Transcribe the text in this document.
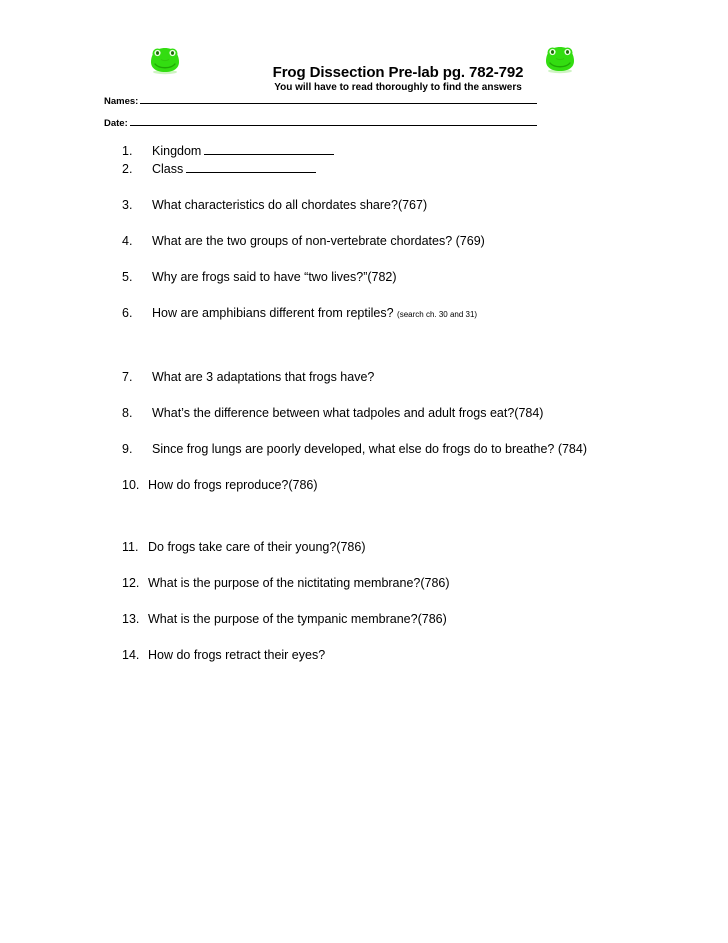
Frog Dissection Pre-lab pg. 782-792
You will have to read thoroughly to find the answers
Names:
Date:
1.	Kingdom
2.	Class
3.	What characteristics do all chordates share?(767)
4.	What are the two groups of non-vertebrate chordates? (769)
5.	Why are frogs said to have “two lives?”(782)
6.	How are amphibians different from reptiles? (search ch. 30 and 31)
7.	What are 3 adaptations that frogs have?
8.	What’s the difference between what tadpoles and adult frogs eat?(784)
9.	Since frog lungs are poorly developed, what else do frogs do to breathe? (784)
10. How do frogs reproduce?(786)
11. Do frogs take care of their young?(786)
12. What is the purpose of the nictitating membrane?(786)
13. What is the purpose of the tympanic membrane?(786)
14. How do frogs retract their eyes?
